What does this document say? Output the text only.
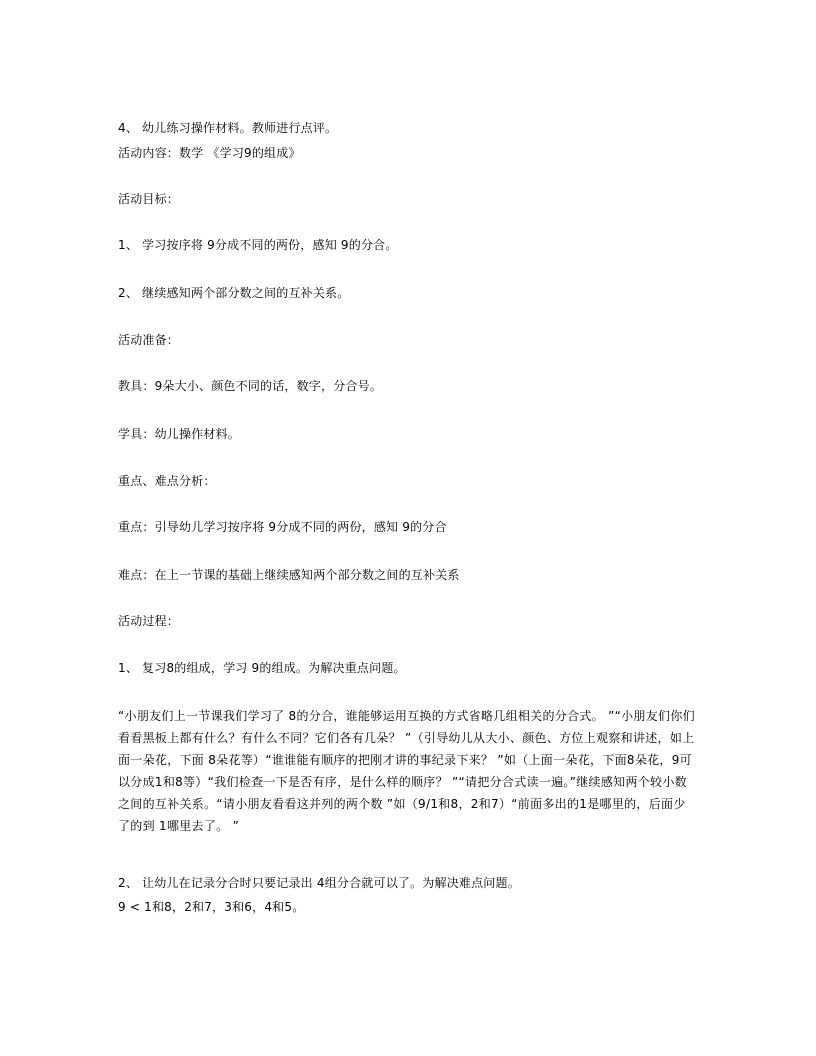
4、 幼儿练习操作材料。教师进行点评。
活动内容：数学 《学习9的组成》
活动目标：
1、 学习按序将 9分成不同的两份，感知 9的分合。
2、 继续感知两个部分数之间的互补关系。
活动准备：
教具：9朵大小、颜色不同的话，数字，分合号。
学具：幼儿操作材料。
重点、难点分析：
重点：引导幼儿学习按序将 9分成不同的两份，感知 9的分合
难点：在上一节课的基础上继续感知两个部分数之间的互补关系
活动过程：
1、 复习8的组成，学习 9的组成。为解决重点问题。
“小朋友们上一节课我们学习了 8的分合，谁能够运用互换的方式省略几组相关的分合式。 ”“小朋友们你们看看黑板上都有什么？有什么不同？它们各有几朵？ ”（引导幼儿从大小、颜色、方位上观察和讲述，如上面一朵花，下面 8朵花等）“谁谁能有顺序的把刚才讲的事纪录下来？ ”如（上面一朵花，下面8朵花，9可以分成1和8等）“我们检查一下是否有序，是什么样的顺序？ ”“请把分合式读一遍。”继续感知两个较小数之间的互补关系。“请小朋友看看这并列的两个数 ”如（9/1和8，2和7）“前面多出的1是哪里的，后面少了的到 1哪里去了。 ”
2、 让幼儿在记录分合时只要记录出 4组分合就可以了。为解决难点问题。
9 < 1和8，2和7，3和6，4和5。
